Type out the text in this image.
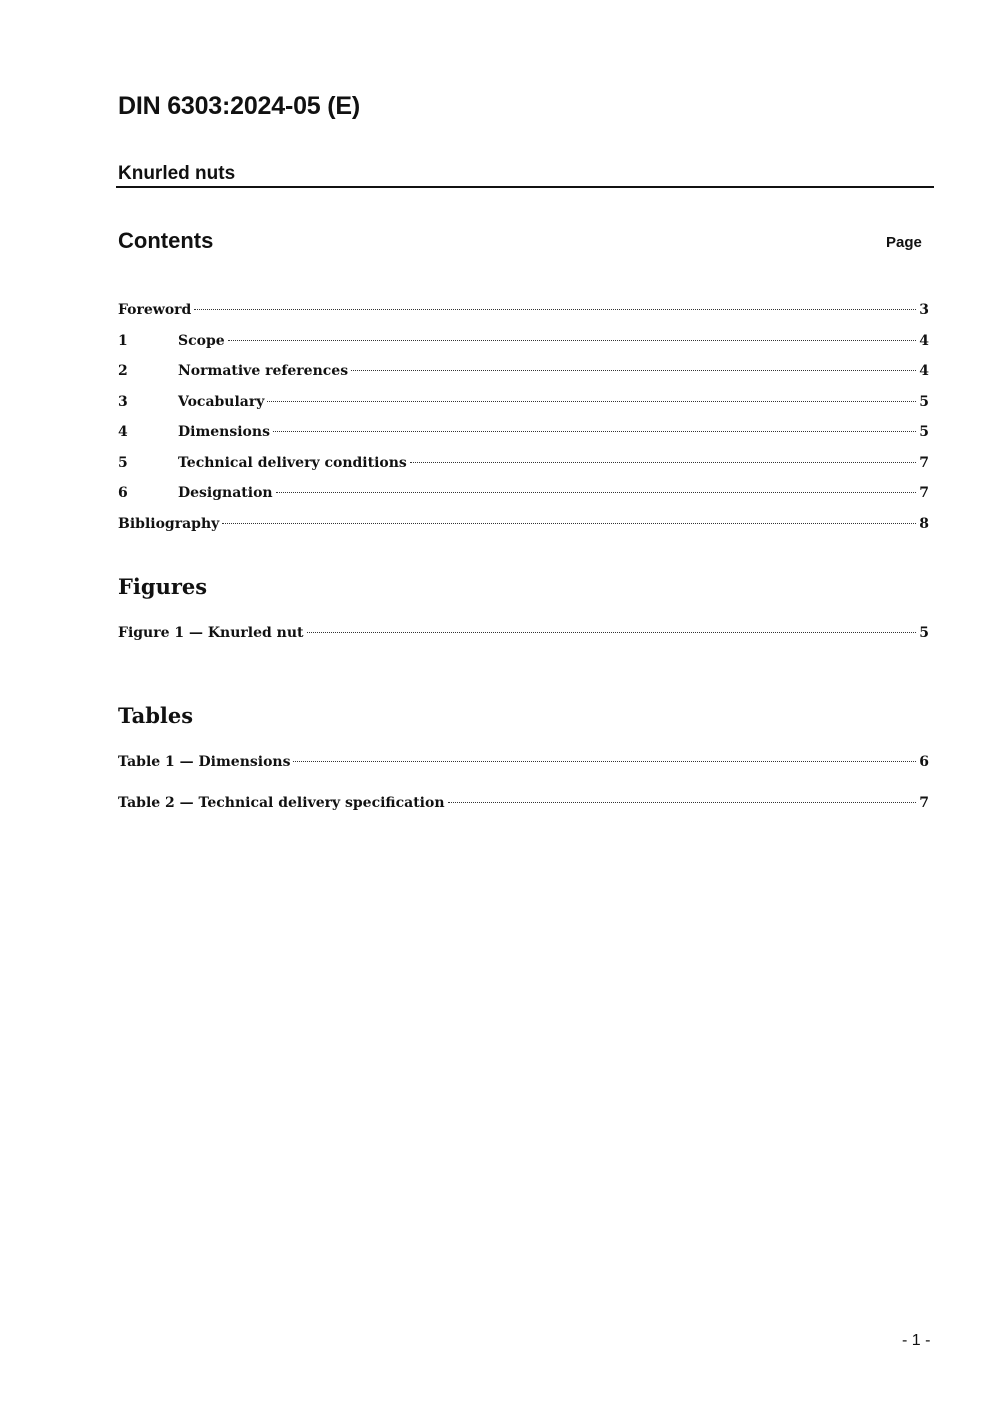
DIN 6303:2024-05 (E)
Knurled nuts
Contents	Page
Foreword	3
1	Scope	4
2	Normative references	4
3	Vocabulary	5
4	Dimensions	5
5	Technical delivery conditions	7
6	Designation	7
Bibliography	8
Figures
Figure 1 — Knurled nut	5
Tables
Table 1 — Dimensions	6
Table 2 — Technical delivery specification	7
- 1 -
